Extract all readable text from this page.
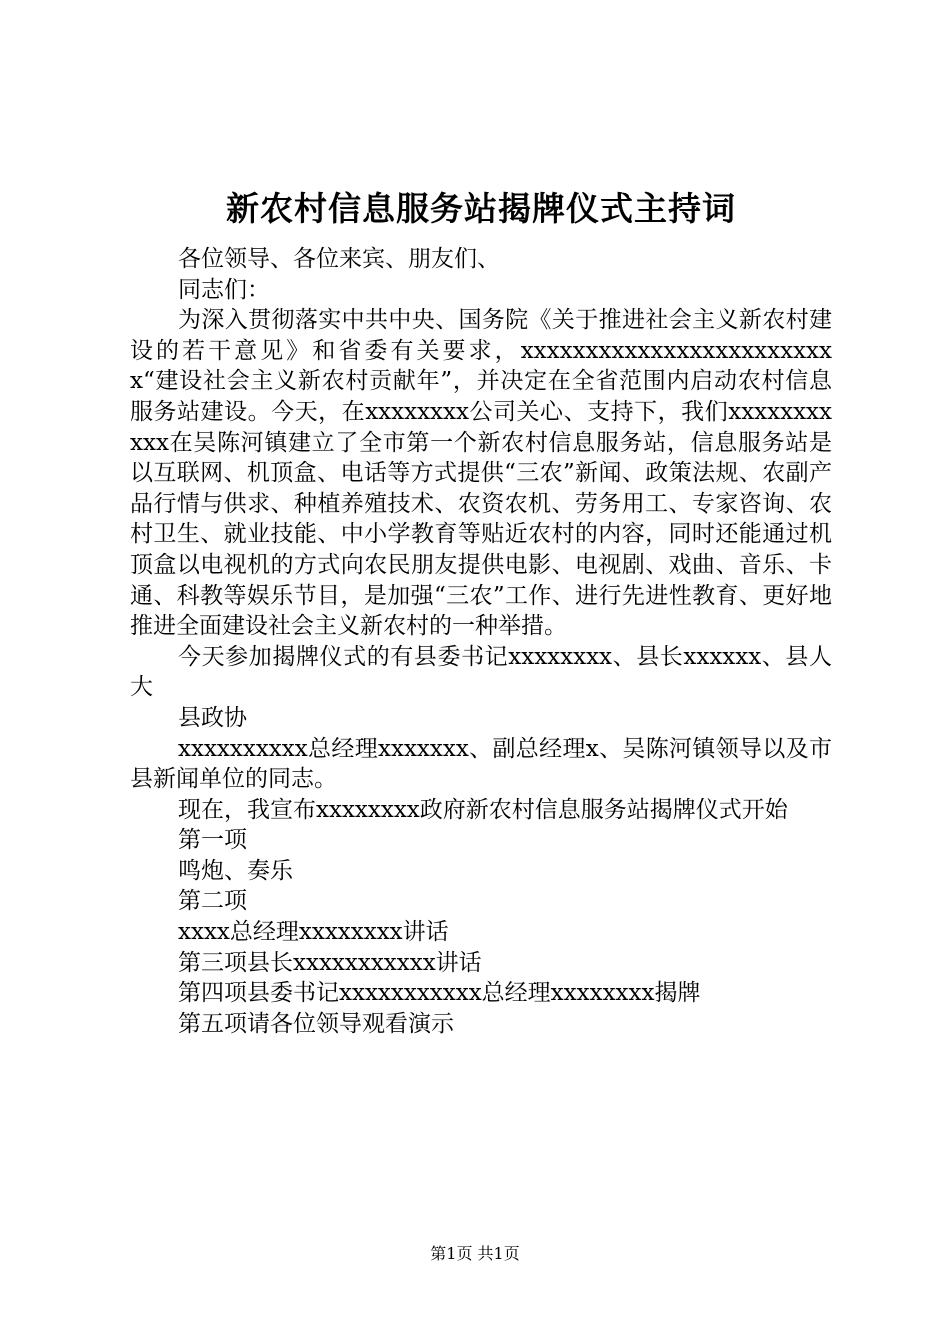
新农村信息服务站揭牌仪式主持词

各位领导、各位来宾、朋友们、

同志们：

为深入贯彻落实中共中央、国务院《关于推进社会主义新农村建设的若干意见》和省委有关要求，xxxxxxxxxxxxxxxxxxxxxxxxx“建设社会主义新农村贡献年”，并决定在全省范围内启动农村信息服务站建设。今天，在xxxxxxxx公司关心、支持下，我们xxxxxxxxxxx在吴陈河镇建立了全市第一个新农村信息服务站，信息服务站是以互联网、机顶盒、电话等方式提供“三农”新闻、政策法规、农副产品行情与供求、种植养殖技术、农资农机、劳务用工、专家咨询、农村卫生、就业技能、中小学教育等贴近农村的内容，同时还能通过机顶盒以电视机的方式向农民朋友提供电影、电视剧、戏曲、音乐、卡通、科教等娱乐节目，是加强“三农”工作、进行先进性教育、更好地推进全面建设社会主义新农村的一种举措。

今天参加揭牌仪式的有县委书记xxxxxxxx、县长xxxxxx、县人大

县政协

xxxxxxxxxx总经理xxxxxxx、副总经理x、吴陈河镇领导以及市县新闻单位的同志。

现在，我宣布xxxxxxxx政府新农村信息服务站揭牌仪式开始

第一项

鸣炮、奏乐

第二项

xxxx总经理xxxxxxxx讲话

第三项县长xxxxxxxxxxx讲话

第四项县委书记xxxxxxxxxxx总经理xxxxxxxx揭牌

第五项请各位领导观看演示

第1页 共1页
